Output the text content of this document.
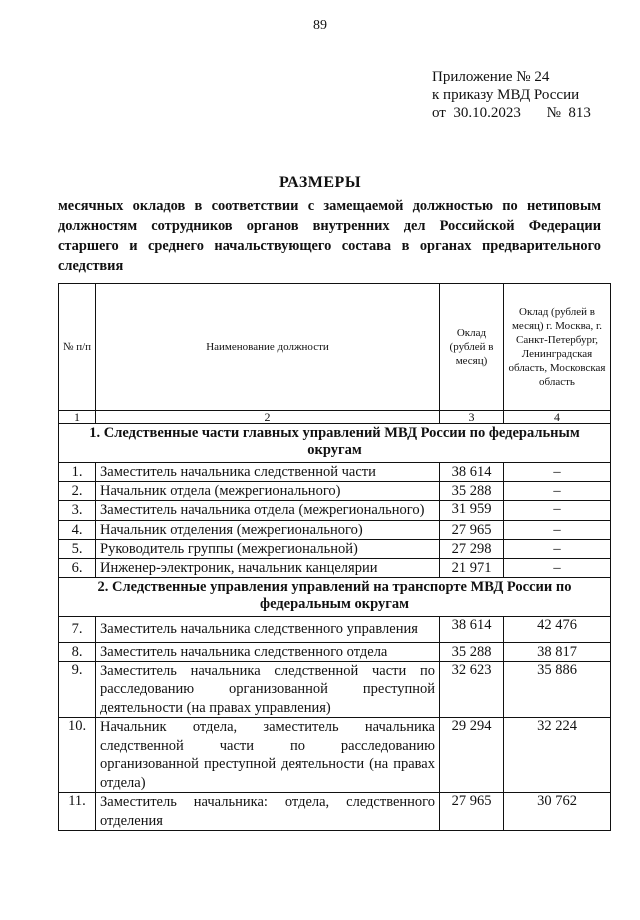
89
Приложение № 24
к приказу МВД России
от 30.10.2023 № 813
РАЗМЕРЫ
месячных окладов в соответствии с замещаемой должностью по нетиповым должностям сотрудников органов внутренних дел Российской Федерации старшего и среднего начальствующего состава в органах предварительного следствия
№ п/п	Наименование должности	Оклад (рублей в месяц)	Оклад (рублей в месяц) г. Москва, г. Санкт-Петербург, Ленинградская область, Московская область
1	2	3	4
1. Следственные части главных управлений МВД России по федеральным округам			
1.	Заместитель начальника следственной части	38 614	–
2.	Начальник отдела (межрегионального)	35 288	–
3.	Заместитель начальника отдела (межрегионального)	31 959	–
4.	Начальник отделения (межрегионального)	27 965	–
5.	Руководитель группы (межрегиональной)	27 298	–
6.	Инженер-электроник, начальник канцелярии	21 971	–
2. Следственные управления управлений на транспорте МВД России по федеральным округам			
7.	Заместитель начальника следственного управления	38 614	42 476
8.	Заместитель начальника следственного отдела	35 288	38 817
9.	Заместитель начальника следственной части по расследованию организованной преступной деятельности (на правах управления)	32 623	35 886
10.	Начальник отдела, заместитель начальника следственной части по расследованию организованной преступной деятельности (на правах отдела)	29 294	32 224
11.	Заместитель начальника: отдела, следственного отделения	27 965	30 762
